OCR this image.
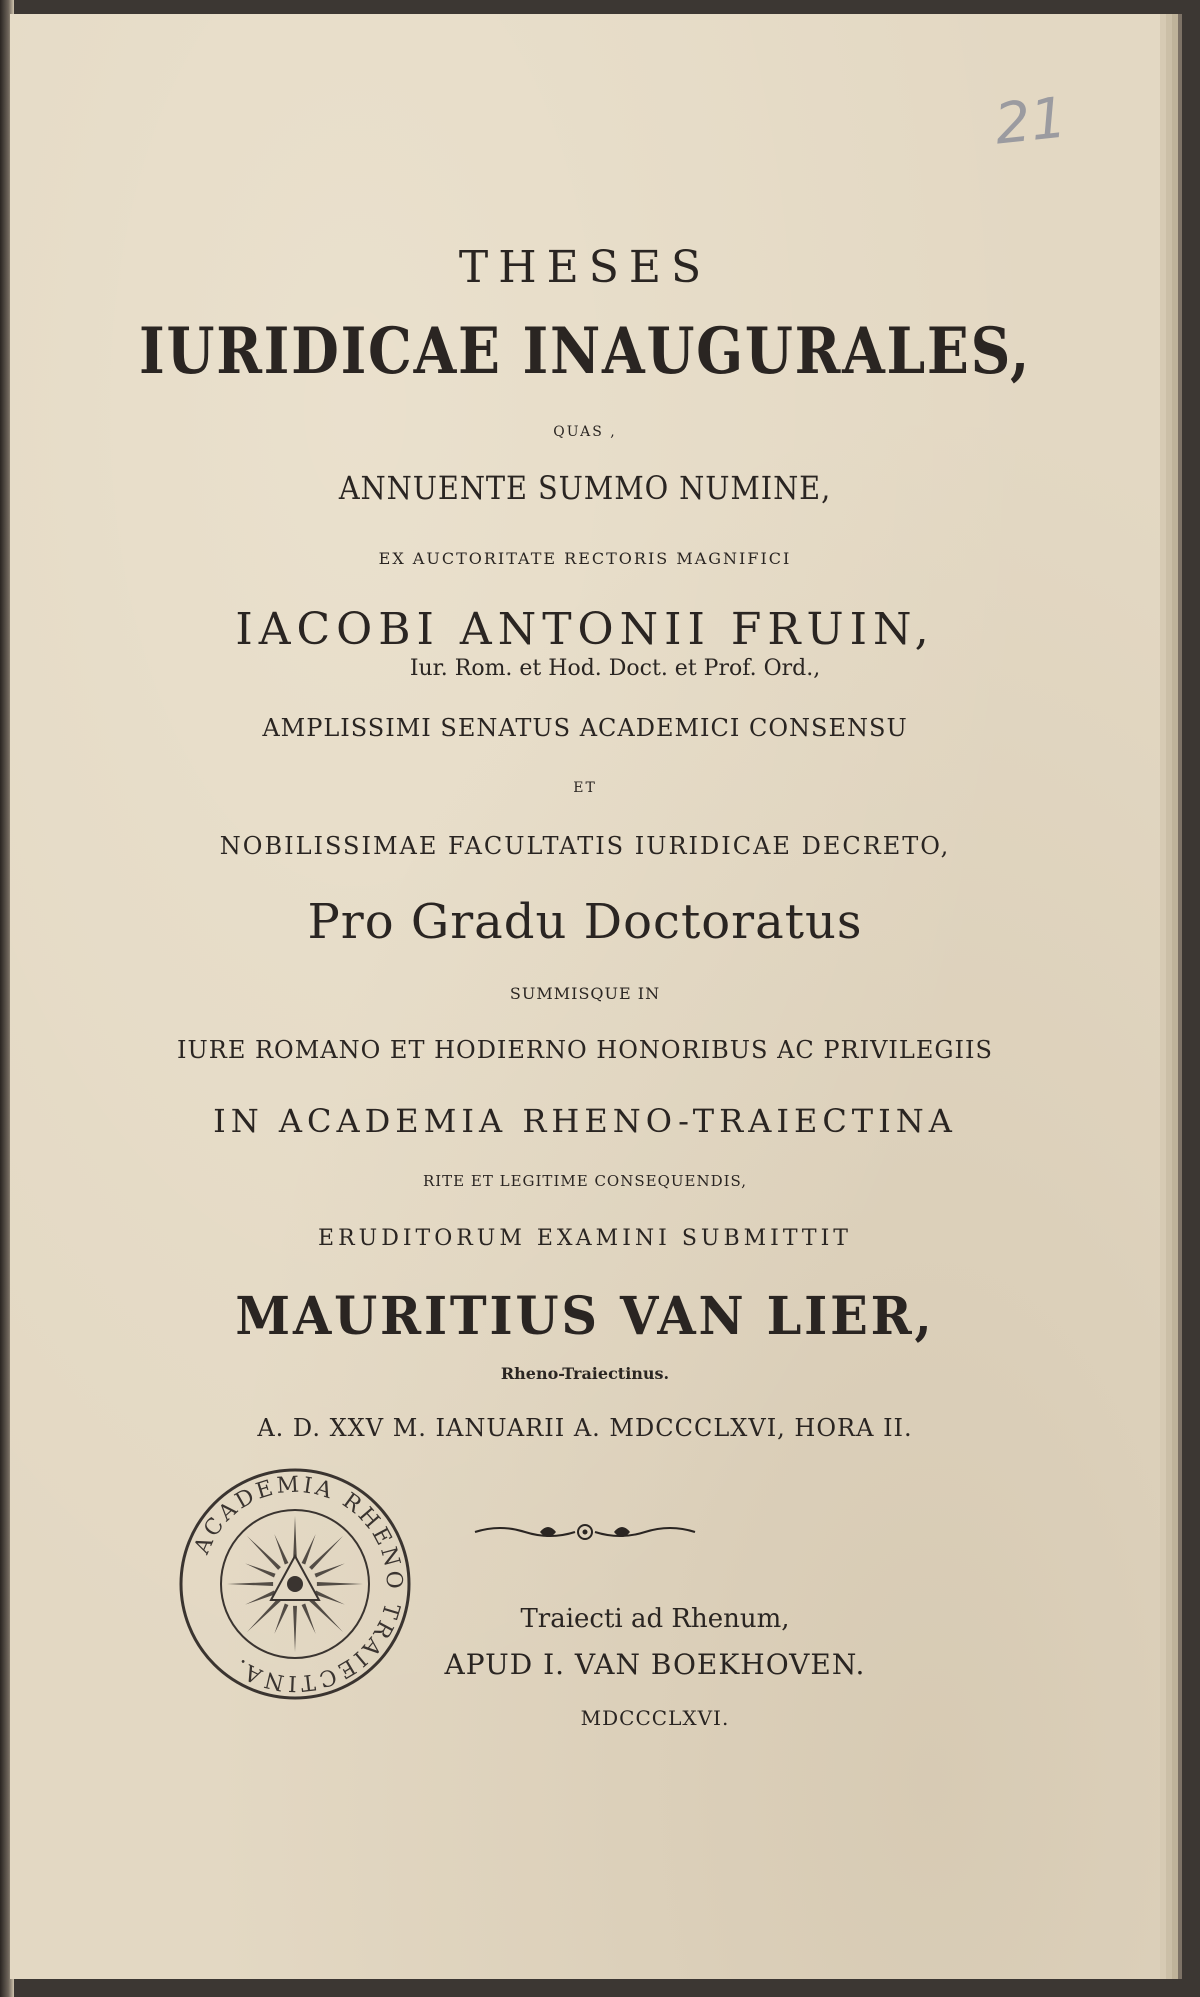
21
THESES
IURIDICAE INAUGURALES,
QUAS ,
ANNUENTE SUMMO NUMINE,
EX AUCTORITATE RECTORIS MAGNIFICI
IACOBI ANTONII FRUIN,
Iur. Rom. et Hod. Doct. et Prof. Ord.,
AMPLISSIMI SENATUS ACADEMICI CONSENSU
ET
NOBILISSIMAE FACULTATIS IURIDICAE DECRETO,
Pro Gradu Doctoratus
SUMMISQUE IN
IURE ROMANO ET HODIERNO HONORIBUS AC PRIVILEGIIS
IN ACADEMIA RHENO-TRAIECTINA
RITE ET LEGITIME CONSEQUENDIS,
ERUDITORUM EXAMINI SUBMITTIT
MAURITIUS VAN LIER,
Rheno-Traiectinus.
A. D. XXV M. IANUARII A. MDCCCLXVI, HORA II.
Traiecti ad Rhenum,
APUD I. VAN BOEKHOVEN.
MDCCCLXVI.
ACADEMIA RHENO TRAIECTINA.
